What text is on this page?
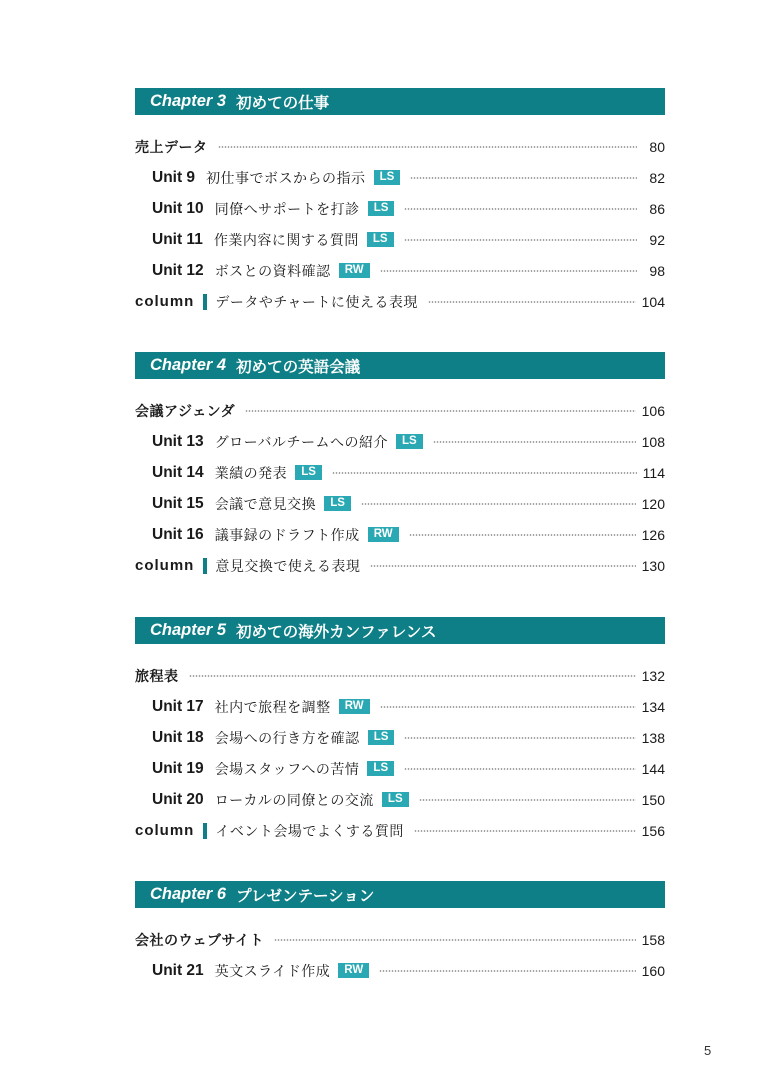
Chapter 3 初めての仕事
売上データ	80
Unit 9 初仕事でボスからの指示	LS	82
Unit 10 同僚へサポートを打診	LS	86
Unit 11 作業内容に関する質問	LS	92
Unit 12 ボスとの資料確認	RW	98
column データやチャートに使える表現	104
Chapter 4 初めての英語会議
会議アジェンダ	106
Unit 13 グローバルチームへの紹介	LS	108
Unit 14 業績の発表	LS	114
Unit 15 会議で意見交換	LS	120
Unit 16 議事録のドラフト作成	RW	126
column 意見交換で使える表現	130
Chapter 5 初めての海外カンファレンス
旅程表	132
Unit 17 社内で旅程を調整	RW	134
Unit 18 会場への行き方を確認	LS	138
Unit 19 会場スタッフへの苦情	LS	144
Unit 20 ローカルの同僚との交流	LS	150
column イベント会場でよくする質問	156
Chapter 6 プレゼンテーション
会社のウェブサイト	158
Unit 21 英文スライド作成	RW	160
5
